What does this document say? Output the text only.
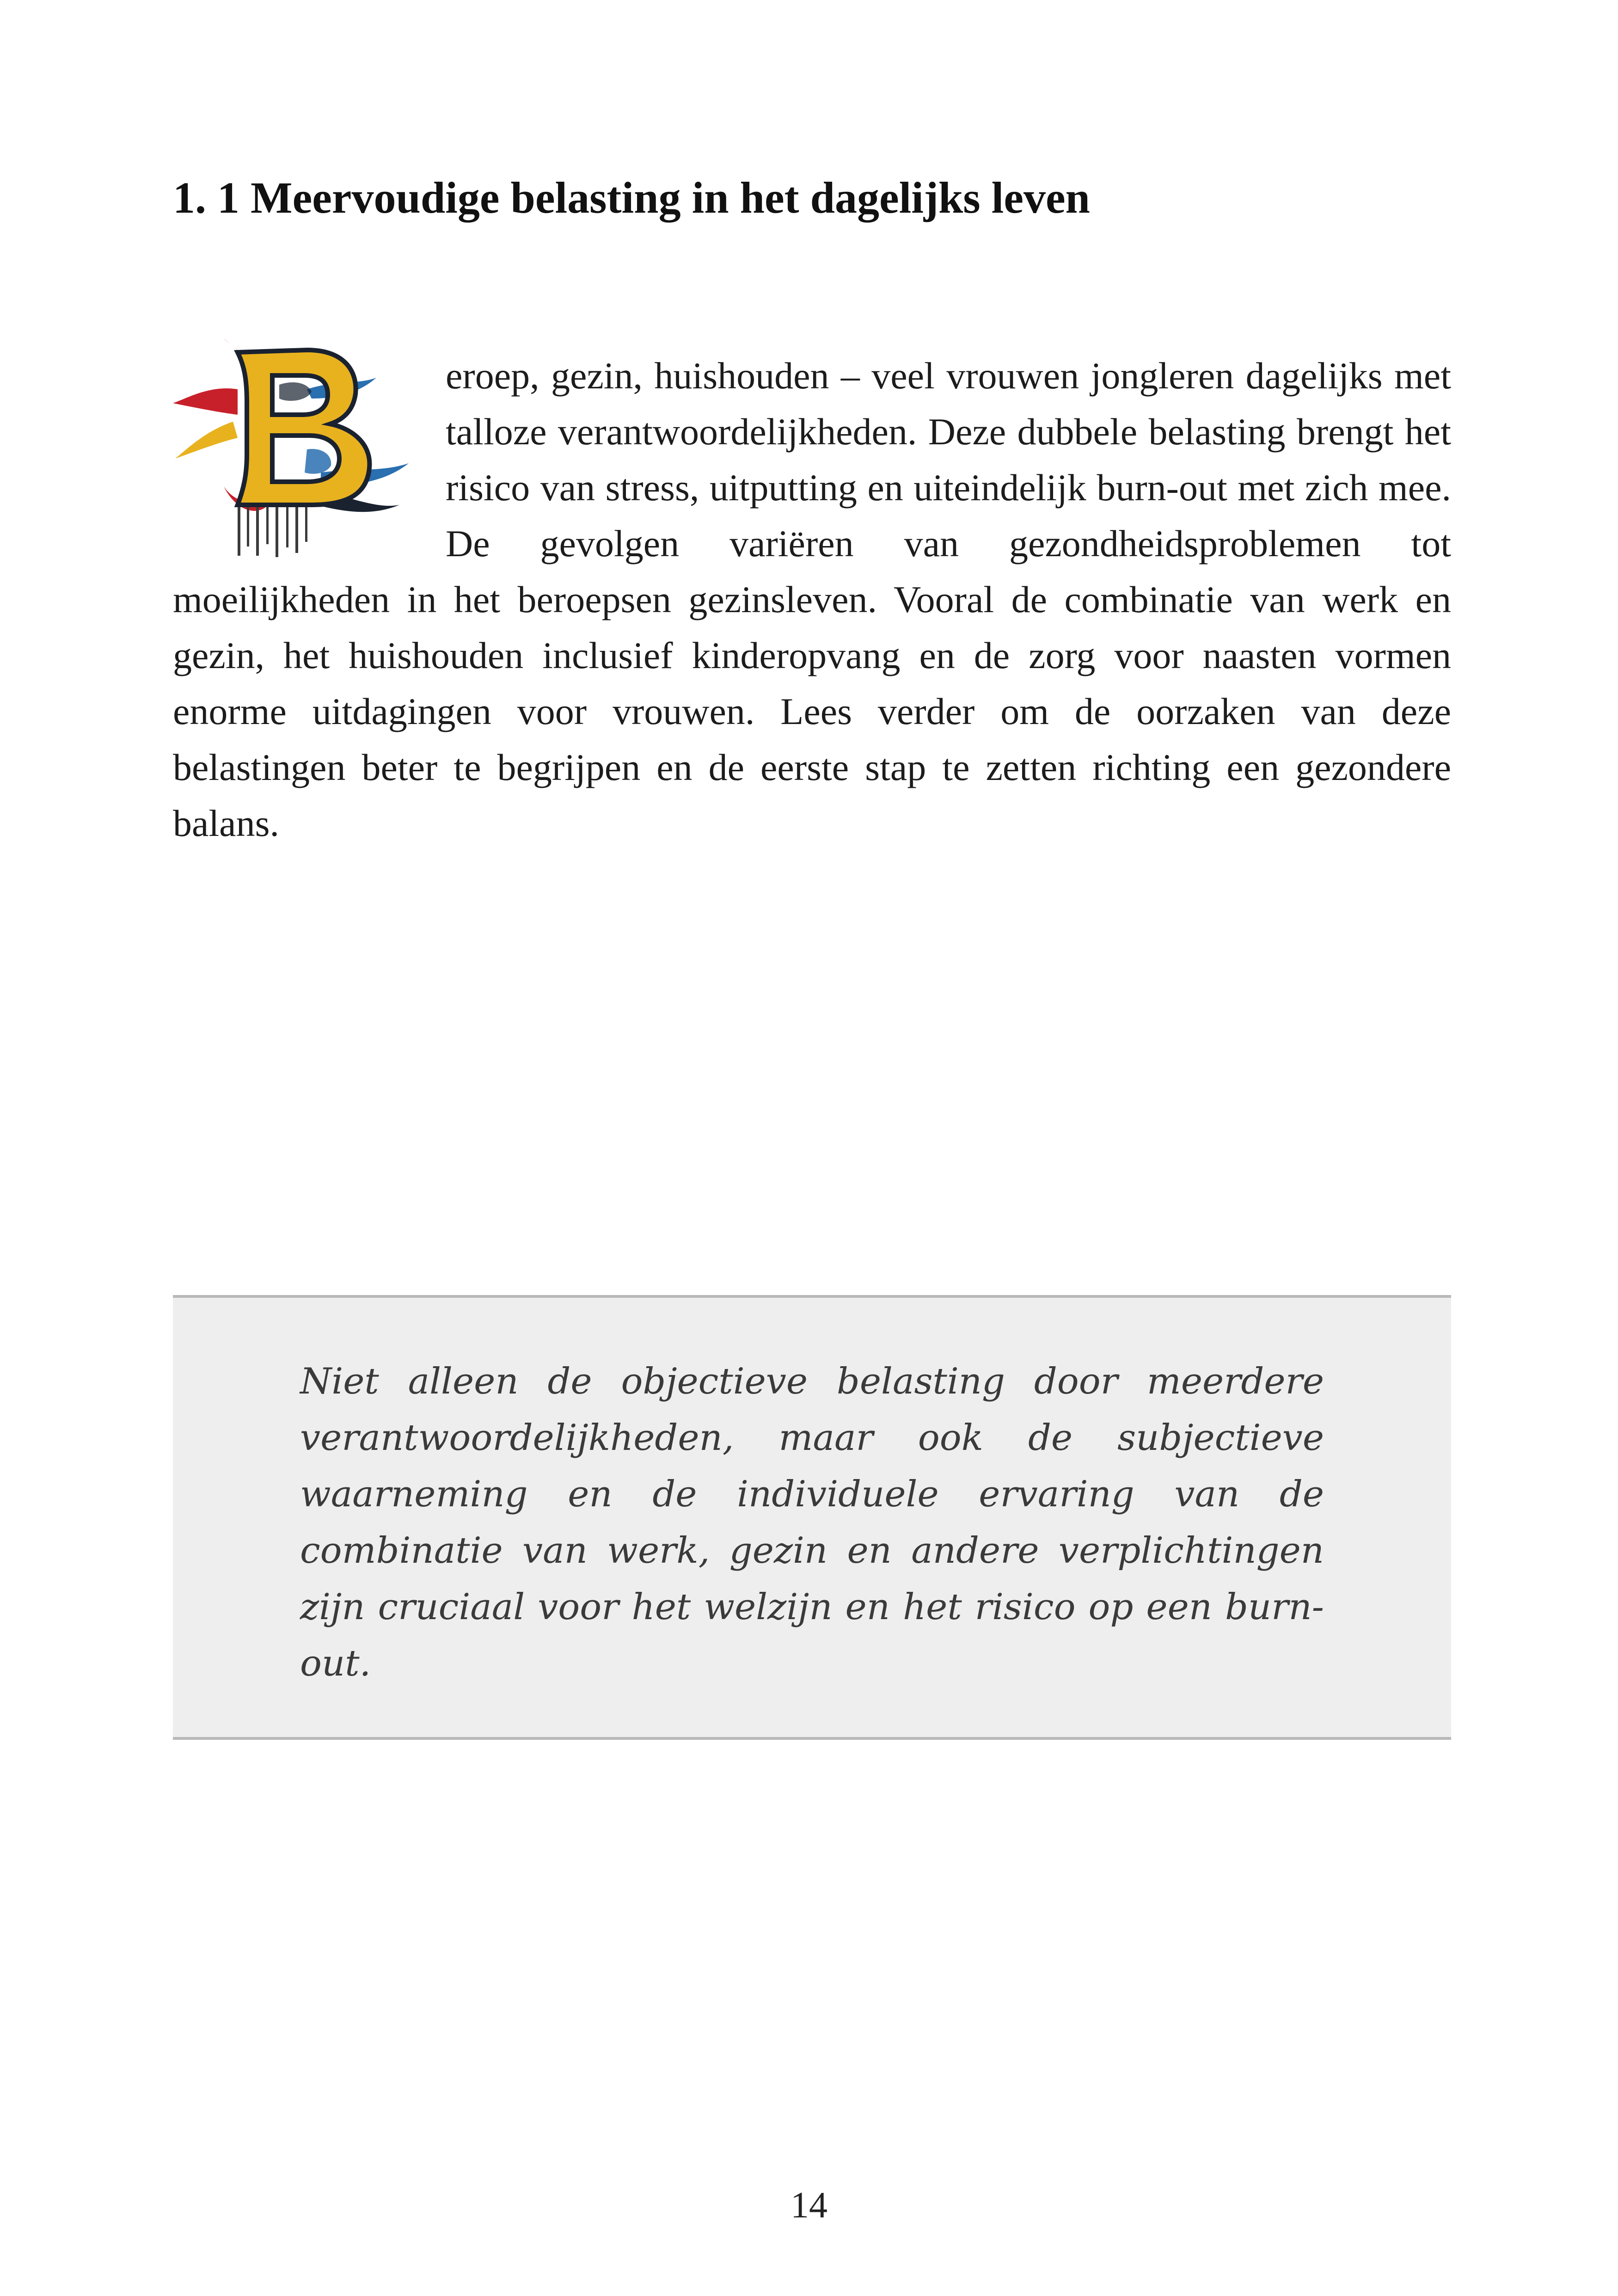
1. 1 Meervoudige belasting in het dagelijks leven

eroep, gezin, huishouden – veel vrouwen jongleren dagelijks met talloze verantwoordelijkheden. Deze dubbele belasting brengt het risico van stress, uitputting en uiteindelijk burn-out met zich mee. De gevolgen variëren van gezondheidsproblemen tot moeilijkheden in het beroepsen gezinsleven. Vooral de combinatie van werk en gezin, het huishouden inclusief kinderopvang en de zorg voor naasten vormen enorme uitdagingen voor vrouwen. Lees verder om de oorzaken van deze belastingen beter te begrijpen en de eerste stap te zetten richting een gezondere balans.

Niet alleen de objectieve belasting door meerdere verantwoordelijkheden, maar ook de subjectieve waarneming en de individuele ervaring van de combinatie van werk, gezin en andere verplichtingen zijn cruciaal voor het welzijn en het risico op een burn-out.

14
